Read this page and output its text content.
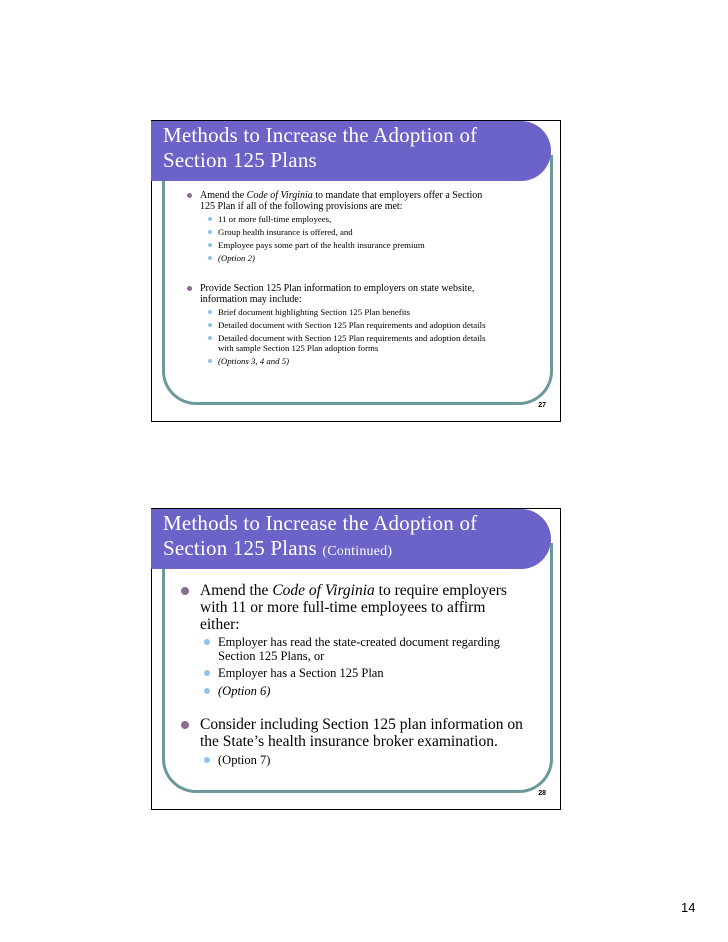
Methods to Increase the Adoption of
Section 125 Plans
Amend the Code of Virginia to mandate that employers offer a Section
125 Plan if all of the following provisions are met:
11 or more full-time employees,
Group health insurance is offered, and
Employee pays some part of the health insurance premium
(Option 2)
Provide Section 125 Plan information to employers on state website,
information may include:
Brief document highlighting Section 125 Plan benefits
Detailed document with Section 125 Plan requirements and adoption details
Detailed document with Section 125 Plan requirements and adoption details
with sample Section 125 Plan adoption forms
(Options 3, 4 and 5)
27
Methods to Increase the Adoption of
Section 125 Plans (Continued)
Amend the Code of Virginia to require employers
with 11 or more full-time employees to affirm
either:
Employer has read the state-created document regarding
Section 125 Plans, or
Employer has a Section 125 Plan
(Option 6)
Consider including Section 125 plan information on
the State’s health insurance broker examination.
(Option 7)
28
14
